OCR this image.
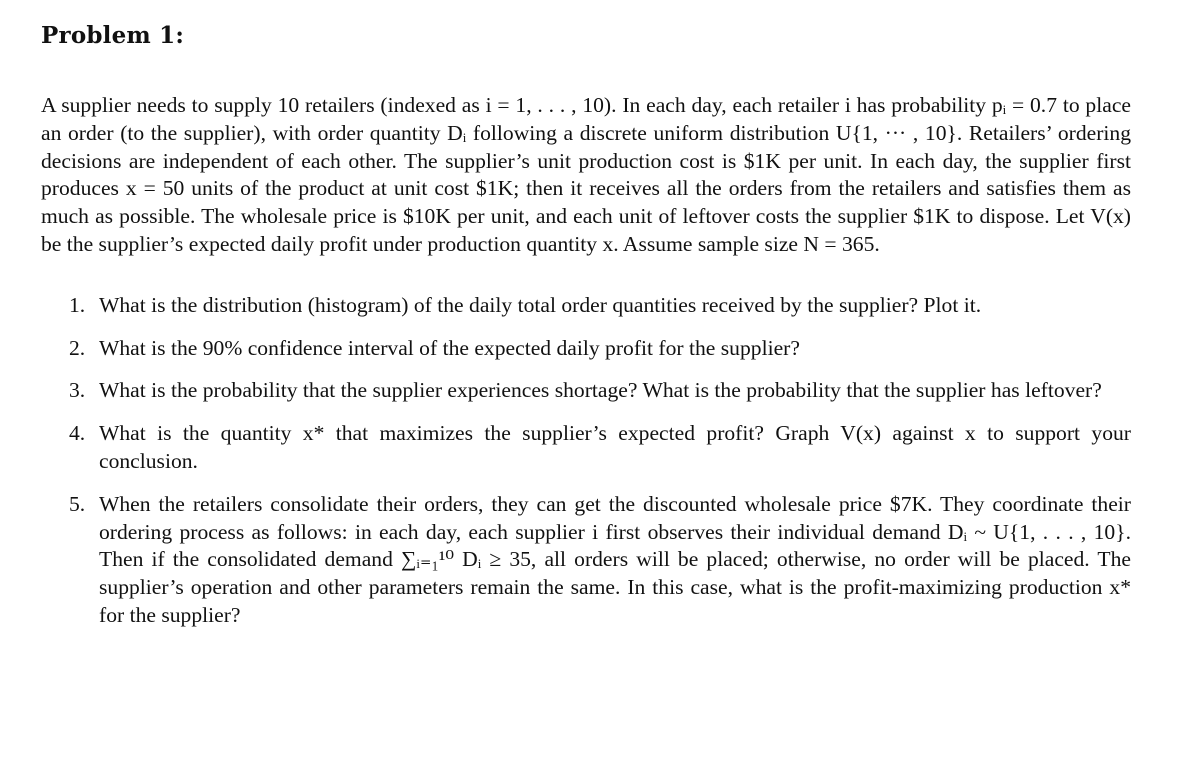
Problem 1:

A supplier needs to supply 10 retailers (indexed as i = 1, . . . , 10). In each day, each retailer i has probability pᵢ = 0.7 to place an order (to the supplier), with order quantity Dᵢ following a discrete uniform distribution U{1, ··· , 10}. Retailers’ ordering decisions are independent of each other. The supplier’s unit production cost is $1K per unit. In each day, the supplier first produces x = 50 units of the product at unit cost $1K; then it receives all the orders from the retailers and satisfies them as much as possible. The wholesale price is $10K per unit, and each unit of leftover costs the supplier $1K to dispose. Let V(x) be the supplier’s expected daily profit under production quantity x. Assume sample size N = 365.

1. What is the distribution (histogram) of the daily total order quantities received by the supplier? Plot it.
2. What is the 90% confidence interval of the expected daily profit for the supplier?
3. What is the probability that the supplier experiences shortage? What is the probability that the supplier has leftover?
4. What is the quantity x* that maximizes the supplier’s expected profit? Graph V(x) against x to support your conclusion.
5. When the retailers consolidate their orders, they can get the discounted wholesale price $7K. They coordinate their ordering process as follows: in each day, each supplier i first observes their individual demand Dᵢ ~ U{1, . . . , 10}. Then if the consolidated demand ∑ᵢ₌₁¹⁰ Dᵢ ≥ 35, all orders will be placed; otherwise, no order will be placed. The supplier’s operation and other parameters remain the same. In this case, what is the profit-maximizing production x* for the supplier?
